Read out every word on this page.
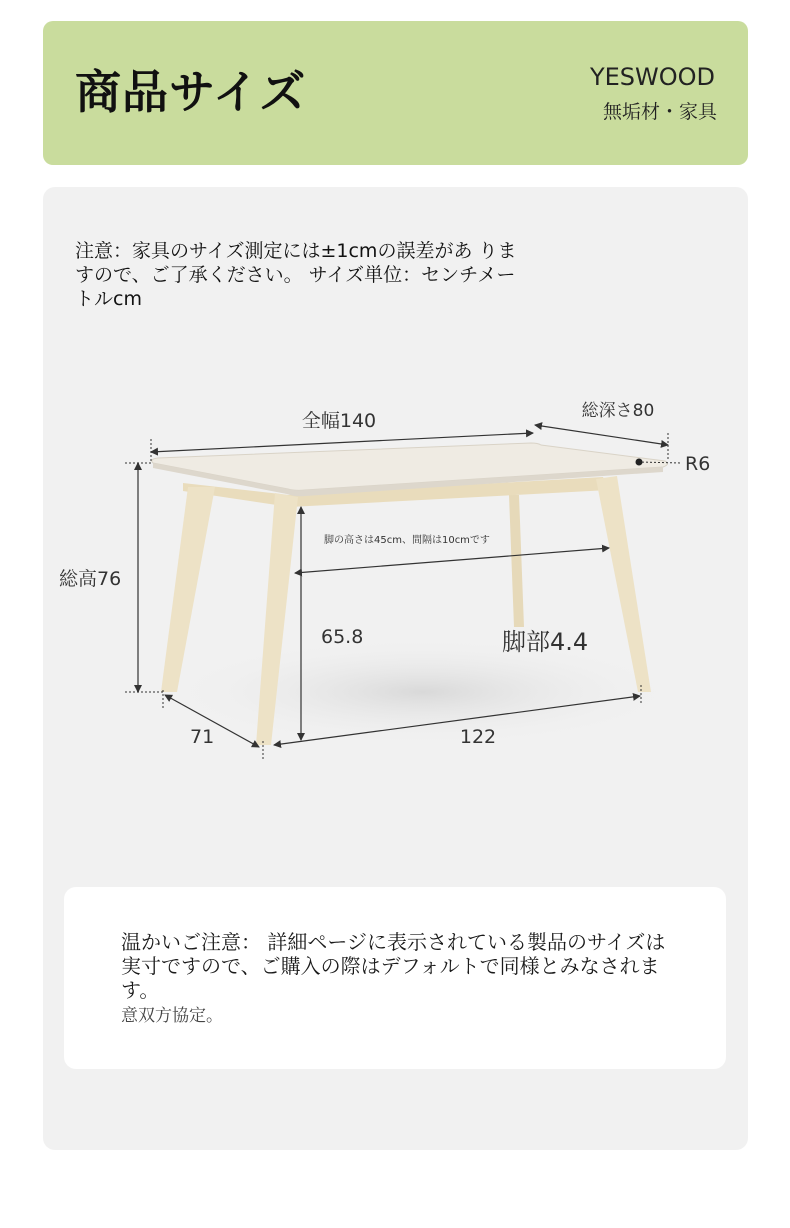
商品サイズ	YESWOOD
無垢材・家具
注意：家具のサイズ測定には±1cmの誤差があ りますので、ご了承ください。 サイズ単位：センチメートルcm
全幅140	総深さ80
R6
総高76
65.8
脚の高さは45cm、間隔は10cmです
脚部4.4
71	122
温かいご注意： 詳細ページに表示されている製品のサイズは実寸ですので、ご購入の際はデフォルトで同様とみなされます。
意双方協定。
